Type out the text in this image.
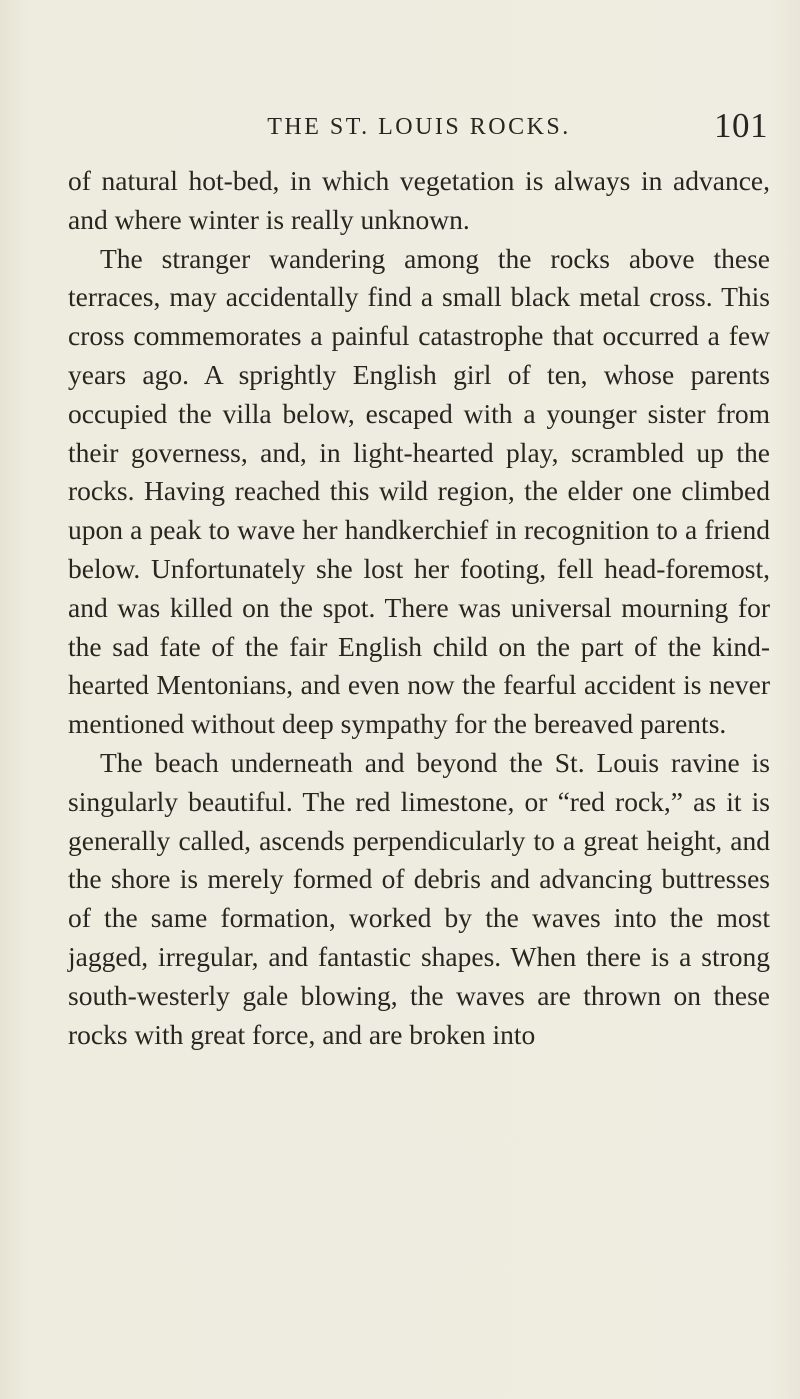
THE ST. LOUIS ROCKS.	101

of natural hot-bed, in which vegetation is always in advance, and where winter is really unknown.

The stranger wandering among the rocks above these terraces, may accidentally find a small black metal cross. This cross commemorates a painful catastrophe that occurred a few years ago. A sprightly English girl of ten, whose parents occupied the villa below, escaped with a younger sister from their governess, and, in light-hearted play, scrambled up the rocks. Having reached this wild region, the elder one climbed upon a peak to wave her handkerchief in recognition to a friend below. Unfortunately she lost her footing, fell head-foremost, and was killed on the spot. There was universal mourning for the sad fate of the fair English child on the part of the kind-hearted Mentonians, and even now the fearful accident is never mentioned without deep sympathy for the bereaved parents.

The beach underneath and beyond the St. Louis ravine is singularly beautiful. The red limestone, or “red rock,” as it is generally called, ascends perpendicularly to a great height, and the shore is merely formed of debris and advancing buttresses of the same formation, worked by the waves into the most jagged, irregular, and fantastic shapes. When there is a strong south-westerly gale blowing, the waves are thrown on these rocks with great force, and are broken into
